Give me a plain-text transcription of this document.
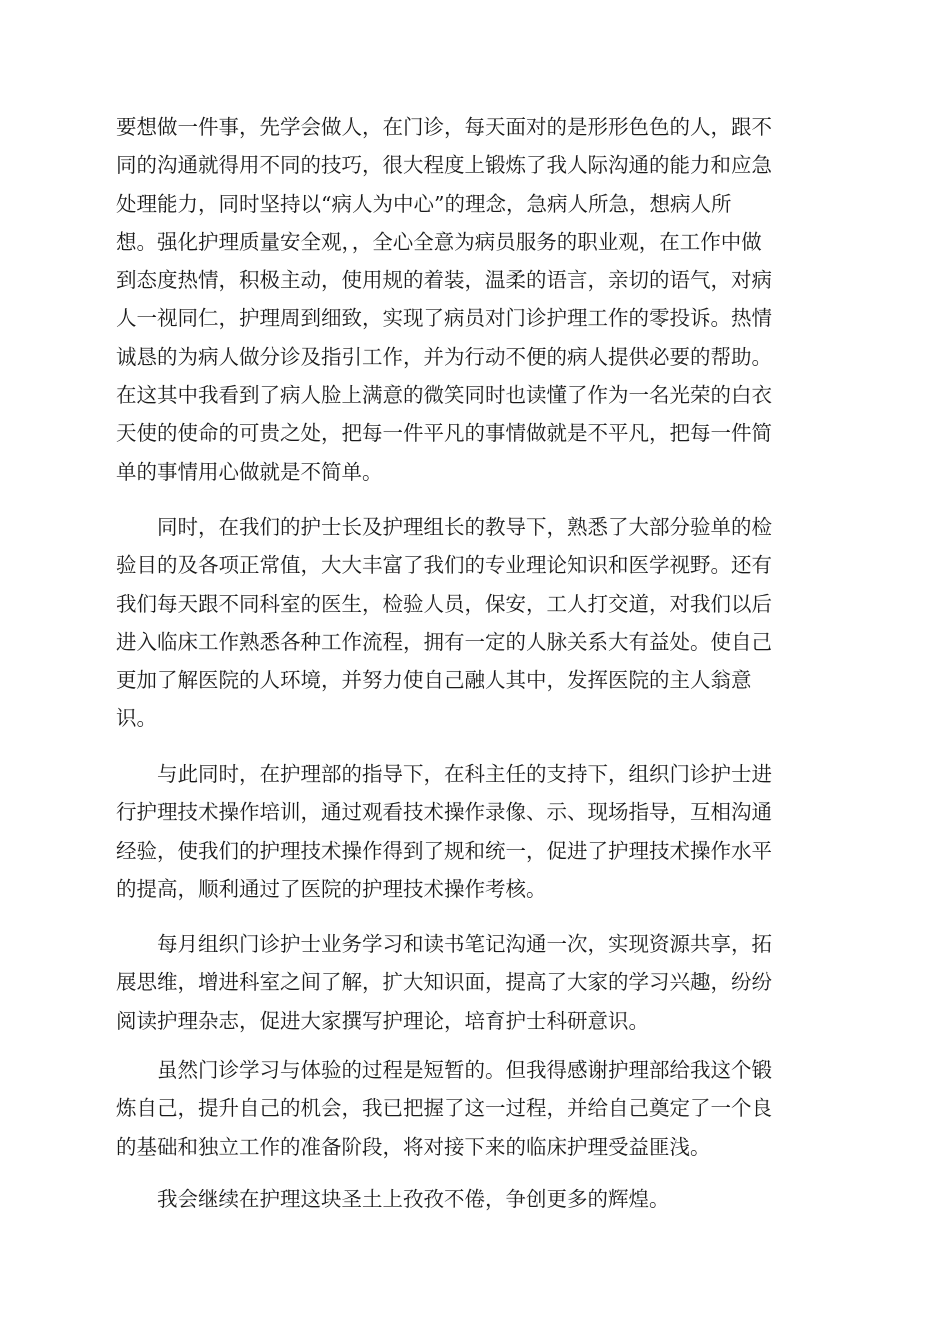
要想做一件事，先学会做人，在门诊，每天面对的是形形色色的人，跟不
同的沟通就得用不同的技巧，很大程度上锻炼了我人际沟通的能力和应急
处理能力，同时坚持以“病人为中心”的理念，急病人所急，想病人所
想。强化护理质量安全观，，全心全意为病员服务的职业观，在工作中做
到态度热情，积极主动，使用规的着装，温柔的语言，亲切的语气，对病
人一视同仁，护理周到细致，实现了病员对门诊护理工作的零投诉。热情
诚恳的为病人做分诊及指引工作，并为行动不便的病人提供必要的帮助。
在这其中我看到了病人脸上满意的微笑同时也读懂了作为一名光荣的白衣
天使的使命的可贵之处，把每一件平凡的事情做就是不平凡，把每一件简
单的事情用心做就是不简单。
同时，在我们的护士长及护理组长的教导下，熟悉了大部分验单的检
验目的及各项正常值，大大丰富了我们的专业理论知识和医学视野。还有
我们每天跟不同科室的医生，检验人员，保安，工人打交道，对我们以后
进入临床工作熟悉各种工作流程，拥有一定的人脉关系大有益处。使自己
更加了解医院的人环境，并努力使自己融人其中，发挥医院的主人翁意
识。
与此同时，在护理部的指导下，在科主任的支持下，组织门诊护士进
行护理技术操作培训，通过观看技术操作录像、示、现场指导，互相沟通
经验，使我们的护理技术操作得到了规和统一，促进了护理技术操作水平
的提高，顺利通过了医院的护理技术操作考核。
每月组织门诊护士业务学习和读书笔记沟通一次，实现资源共享，拓
展思维，增进科室之间了解，扩大知识面，提高了大家的学习兴趣，纷纷
阅读护理杂志，促进大家撰写护理论，培育护士科研意识。
虽然门诊学习与体验的过程是短暂的。但我得感谢护理部给我这个锻
炼自己，提升自己的机会，我已把握了这一过程，并给自己奠定了一个良
的基础和独立工作的准备阶段，将对接下来的临床护理受益匪浅。
我会继续在护理这块圣土上孜孜不倦，争创更多的辉煌。
